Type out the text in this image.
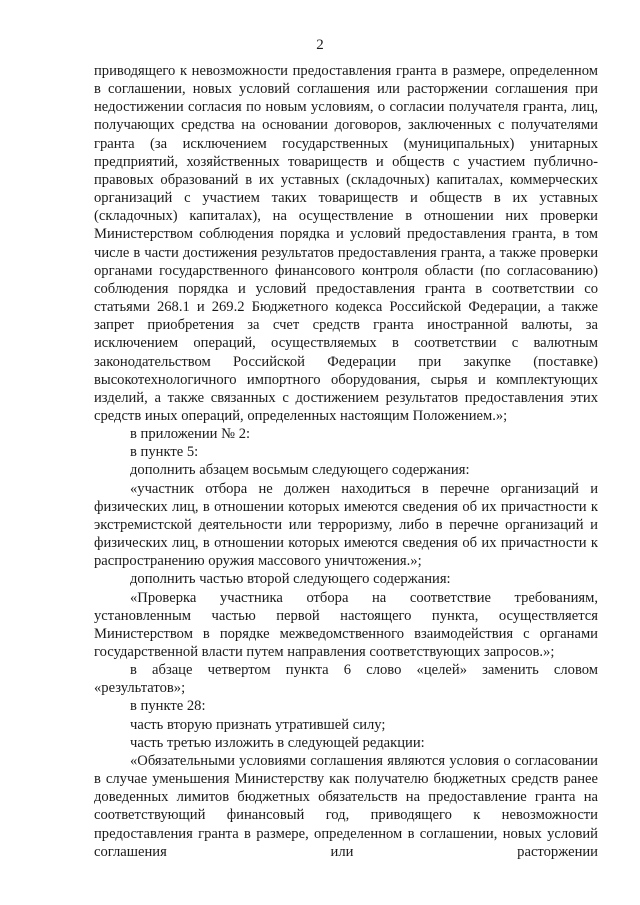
2

приводящего к невозможности предоставления гранта в размере, определенном в соглашении, новых условий соглашения или расторжении соглашения при недостижении согласия по новым условиям, о согласии получателя гранта, лиц, получающих средства на основании договоров, заключенных с получателями гранта (за исключением государственных (муниципальных) унитарных предприятий, хозяйственных товариществ и обществ с участием публично-правовых образований в их уставных (складочных) капиталах, коммерческих организаций с участием таких товариществ и обществ в их уставных (складочных) капиталах), на осуществление в отношении них проверки Министерством соблюдения порядка и условий предоставления гранта, в том числе в части достижения результатов предоставления гранта, а также проверки органами государственного финансового контроля области (по согласованию) соблюдения порядка и условий предоставления гранта в соответствии со статьями 268.1 и 269.2 Бюджетного кодекса Российской Федерации, а также запрет приобретения за счет средств гранта иностранной валюты, за исключением операций, осуществляемых в соответствии с валютным законодательством Российской Федерации при закупке (поставке) высокотехнологичного импортного оборудования, сырья и комплектующих изделий, а также связанных с достижением результатов предоставления этих средств иных операций, определенных настоящим Положением.»;

в приложении № 2:

в пункте 5:

дополнить абзацем восьмым следующего содержания:

«участник отбора не должен находиться в перечне организаций и физических лиц, в отношении которых имеются сведения об их причастности к экстремистской деятельности или терроризму, либо в перечне организаций и физических лиц, в отношении которых имеются сведения об их причастности к распространению оружия массового уничтожения.»;

дополнить частью второй следующего содержания:

«Проверка участника отбора на соответствие требованиям, установленным частью первой настоящего пункта, осуществляется Министерством в порядке межведомственного взаимодействия с органами государственной власти путем направления соответствующих запросов.»;

в абзаце четвертом пункта 6 слово «целей» заменить словом «результатов»;

в пункте 28:

часть вторую признать утратившей силу;

часть третью изложить в следующей редакции:

«Обязательными условиями соглашения являются условия о согласовании в случае уменьшения Министерству как получателю бюджетных средств ранее доведенных лимитов бюджетных обязательств на предоставление гранта на соответствующий финансовый год, приводящего к невозможности предоставления гранта в размере, определенном в соглашении, новых условий соглашения или расторжении
